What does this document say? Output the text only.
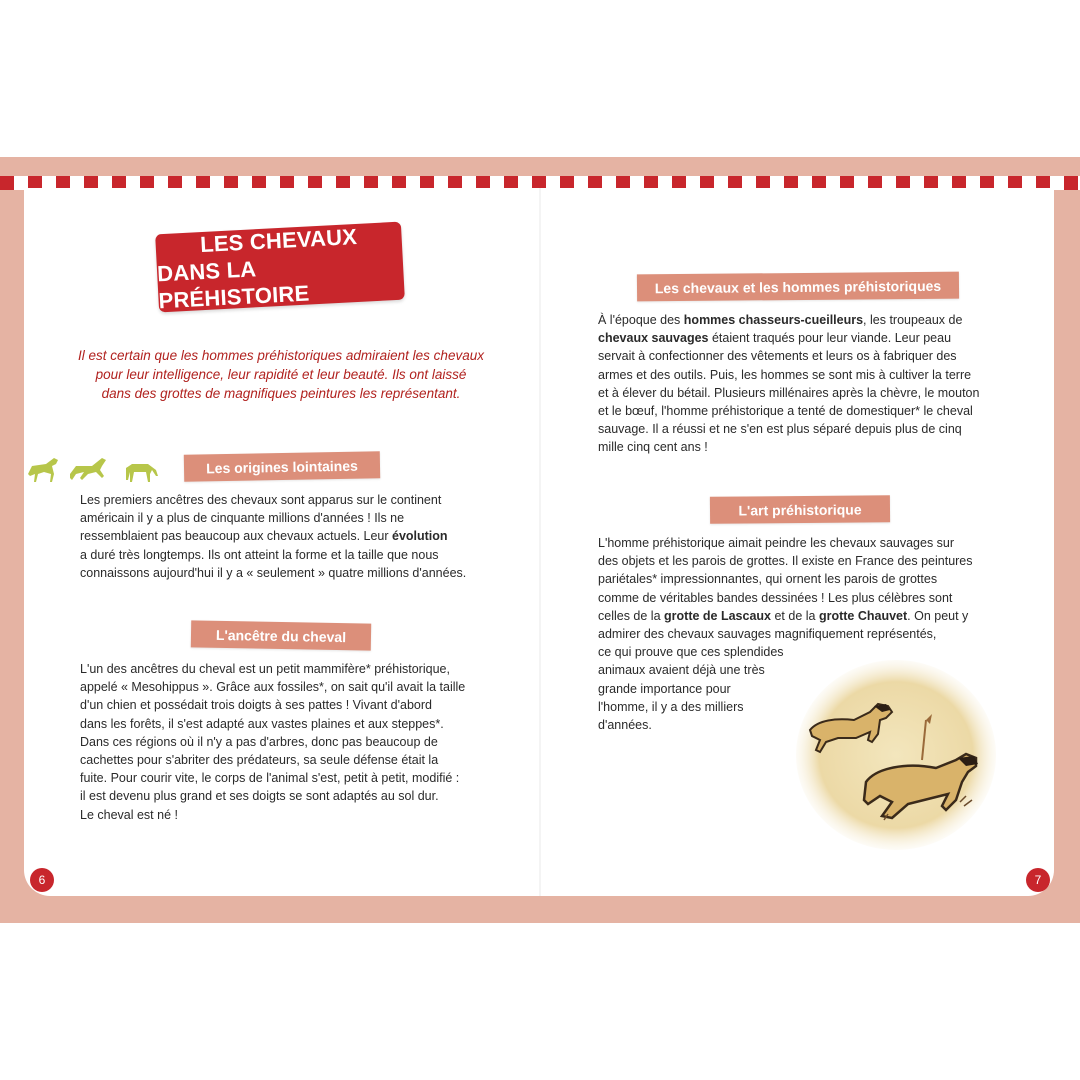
LES CHEVAUX
DANS LA PRÉHISTOIRE
Il est certain que les hommes préhistoriques admiraient les chevaux
pour leur intelligence, leur rapidité et leur beauté. Ils ont laissé
dans des grottes de magnifiques peintures les représentant.
Les origines lointaines
Les premiers ancêtres des chevaux sont apparus sur le continent
américain il y a plus de cinquante millions d'années ! Ils ne
ressemblaient pas beaucoup aux chevaux actuels. Leur évolution
a duré très longtemps. Ils ont atteint la forme et la taille que nous
connaissons aujourd'hui il y a « seulement » quatre millions d'années.
L'ancêtre du cheval
L'un des ancêtres du cheval est un petit mammifère* préhistorique,
appelé « Mesohippus ». Grâce aux fossiles*, on sait qu'il avait la taille
d'un chien et possédait trois doigts à ses pattes ! Vivant d'abord
dans les forêts, il s'est adapté aux vastes plaines et aux steppes*.
Dans ces régions où il n'y a pas d'arbres, donc pas beaucoup de
cachettes pour s'abriter des prédateurs, sa seule défense était la
fuite. Pour courir vite, le corps de l'animal s'est, petit à petit, modifié :
il est devenu plus grand et ses doigts se sont adaptés au sol dur.
Le cheval est né !
6
Les chevaux et les hommes préhistoriques
À l'époque des hommes chasseurs-cueilleurs, les troupeaux de
chevaux sauvages étaient traqués pour leur viande. Leur peau
servait à confectionner des vêtements et leurs os à fabriquer des
armes et des outils. Puis, les hommes se sont mis à cultiver la terre
et à élever du bétail. Plusieurs millénaires après la chèvre, le mouton
et le bœuf, l'homme préhistorique a tenté de domestiquer* le cheval
sauvage. Il a réussi et ne s'en est plus séparé depuis plus de cinq
mille cinq cent ans !
L'art préhistorique
L'homme préhistorique aimait peindre les chevaux sauvages sur
des objets et les parois de grottes. Il existe en France des peintures
pariétales* impressionnantes, qui ornent les parois de grottes
comme de véritables bandes dessinées ! Les plus célèbres sont
celles de la grotte de Lascaux et de la grotte Chauvet. On peut y
admirer des chevaux sauvages magnifiquement représentés,
ce qui prouve que ces splendides
animaux avaient déjà une très
grande importance pour
l'homme, il y a des milliers
d'années.
7
